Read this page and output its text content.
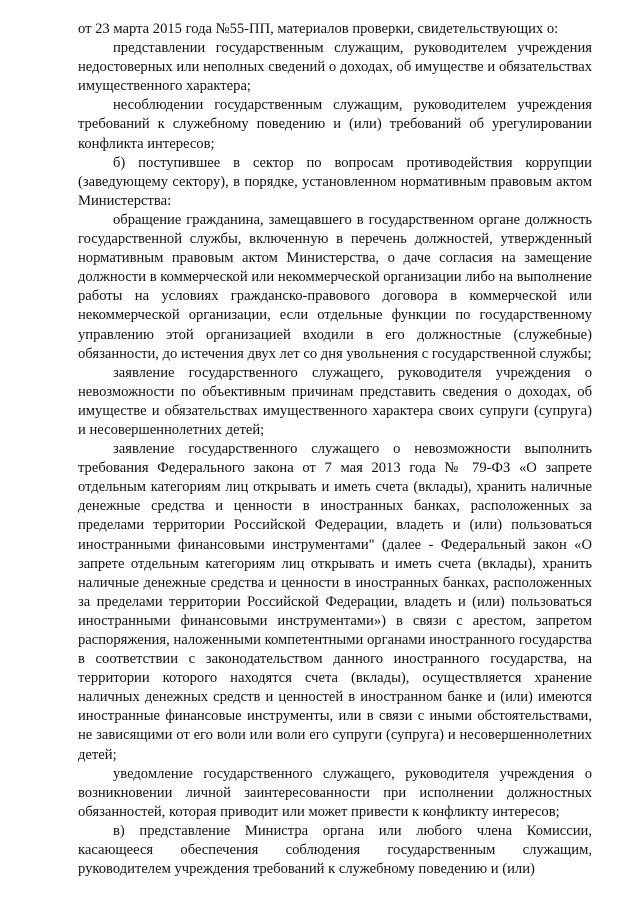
от 23 марта 2015 года №55-ПП, материалов проверки, свидетельствующих о:

представлении государственным служащим, руководителем учреждения недостоверных или неполных сведений о доходах, об имуществе и обязательствах имущественного характера;

несоблюдении государственным служащим, руководителем учреждения требований к служебному поведению и (или) требований об урегулировании конфликта интересов;

б) поступившее в сектор по вопросам противодействия коррупции (заведующему сектору), в порядке, установленном нормативным правовым актом Министерства:

обращение гражданина, замещавшего в государственном органе должность государственной службы, включенную в перечень должностей, утвержденный нормативным правовым актом Министерства, о даче согласия на замещение должности в коммерческой или некоммерческой организации либо на выполнение работы на условиях гражданско-правового договора в коммерческой или некоммерческой организации, если отдельные функции по государственному управлению этой организацией входили в его должностные (служебные) обязанности, до истечения двух лет со дня увольнения с государственной службы;

заявление государственного служащего, руководителя учреждения о невозможности по объективным причинам представить сведения о доходах, об имуществе и обязательствах имущественного характера своих супруги (супруга) и несовершеннолетних детей;

заявление государственного служащего о невозможности выполнить требования Федерального закона от 7 мая 2013 года № 79-ФЗ «О запрете отдельным категориям лиц открывать и иметь счета (вклады), хранить наличные денежные средства и ценности в иностранных банках, расположенных за пределами территории Российской Федерации, владеть и (или) пользоваться иностранными финансовыми инструментами" (далее - Федеральный закон «О запрете отдельным категориям лиц открывать и иметь счета (вклады), хранить наличные денежные средства и ценности в иностранных банках, расположенных за пределами территории Российской Федерации, владеть и (или) пользоваться иностранными финансовыми инструментами») в связи с арестом, запретом распоряжения, наложенными компетентными органами иностранного государства в соответствии с законодательством данного иностранного государства, на территории которого находятся счета (вклады), осуществляется хранение наличных денежных средств и ценностей в иностранном банке и (или) имеются иностранные финансовые инструменты, или в связи с иными обстоятельствами, не зависящими от его воли или воли его супруги (супруга) и несовершеннолетних детей;

уведомление государственного служащего, руководителя учреждения о возникновении личной заинтересованности при исполнении должностных обязанностей, которая приводит или может привести к конфликту интересов;

в) представление Министра органа или любого члена Комиссии, касающееся обеспечения соблюдения государственным служащим, руководителем учреждения требований к служебному поведению и (или)
